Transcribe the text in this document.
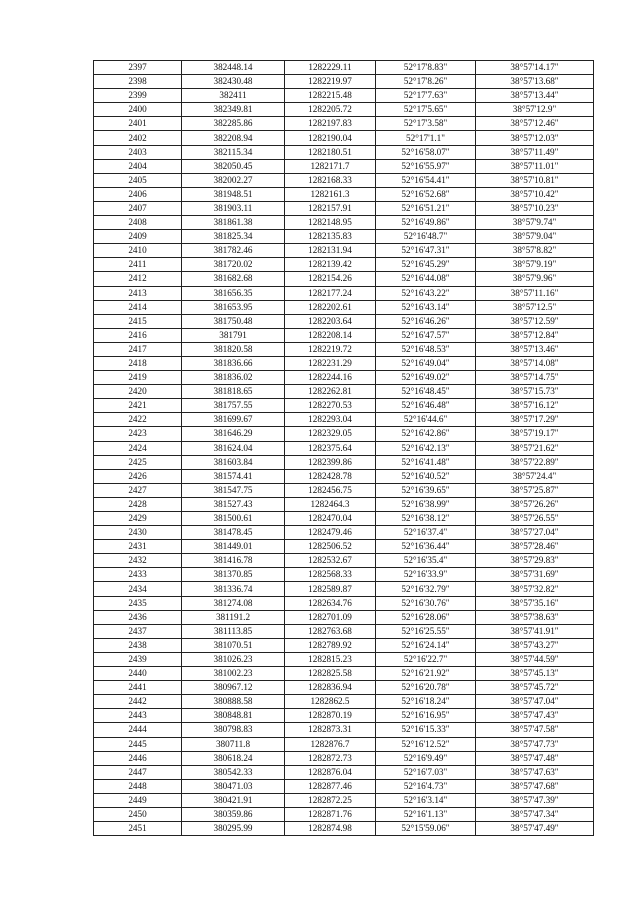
2397	382448.14	1282229.11	52°17'8.83"	38°57'14.17"
2398	382430.48	1282219.97	52°17'8.26"	38°57'13.68"
2399	382411	1282215.48	52°17'7.63"	38°57'13.44"
2400	382349.81	1282205.72	52°17'5.65"	38°57'12.9"
2401	382285.86	1282197.83	52°17'3.58"	38°57'12.46"
2402	382208.94	1282190.04	52°17'1.1"	38°57'12.03"
2403	382115.34	1282180.51	52°16'58.07"	38°57'11.49"
2404	382050.45	1282171.7	52°16'55.97"	38°57'11.01"
2405	382002.27	1282168.33	52°16'54.41"	38°57'10.81"
2406	381948.51	1282161.3	52°16'52.68"	38°57'10.42"
2407	381903.11	1282157.91	52°16'51.21"	38°57'10.23"
2408	381861.38	1282148.95	52°16'49.86"	38°57'9.74"
2409	381825.34	1282135.83	52°16'48.7"	38°57'9.04"
2410	381782.46	1282131.94	52°16'47.31"	38°57'8.82"
2411	381720.02	1282139.42	52°16'45.29"	38°57'9.19"
2412	381682.68	1282154.26	52°16'44.08"	38°57'9.96"
2413	381656.35	1282177.24	52°16'43.22"	38°57'11.16"
2414	381653.95	1282202.61	52°16'43.14"	38°57'12.5"
2415	381750.48	1282203.64	52°16'46.26"	38°57'12.59"
2416	381791	1282208.14	52°16'47.57"	38°57'12.84"
2417	381820.58	1282219.72	52°16'48.53"	38°57'13.46"
2418	381836.66	1282231.29	52°16'49.04"	38°57'14.08"
2419	381836.02	1282244.16	52°16'49.02"	38°57'14.75"
2420	381818.65	1282262.81	52°16'48.45"	38°57'15.73"
2421	381757.55	1282270.53	52°16'46.48"	38°57'16.12"
2422	381699.67	1282293.04	52°16'44.6"	38°57'17.29"
2423	381646.29	1282329.05	52°16'42.86"	38°57'19.17"
2424	381624.04	1282375.64	52°16'42.13"	38°57'21.62"
2425	381603.84	1282399.86	52°16'41.48"	38°57'22.89"
2426	381574.41	1282428.78	52°16'40.52"	38°57'24.4"
2427	381547.75	1282456.75	52°16'39.65"	38°57'25.87"
2428	381527.43	1282464.3	52°16'38.99"	38°57'26.26"
2429	381500.61	1282470.04	52°16'38.12"	38°57'26.55"
2430	381478.45	1282479.46	52°16'37.4"	38°57'27.04"
2431	381449.01	1282506.52	52°16'36.44"	38°57'28.46"
2432	381416.78	1282532.67	52°16'35.4"	38°57'29.83"
2433	381370.85	1282568.33	52°16'33.9"	38°57'31.69"
2434	381336.74	1282589.87	52°16'32.79"	38°57'32.82"
2435	381274.08	1282634.76	52°16'30.76"	38°57'35.16"
2436	381191.2	1282701.09	52°16'28.06"	38°57'38.63"
2437	381113.85	1282763.68	52°16'25.55"	38°57'41.91"
2438	381070.51	1282789.92	52°16'24.14"	38°57'43.27"
2439	381026.23	1282815.23	52°16'22.7"	38°57'44.59"
2440	381002.23	1282825.58	52°16'21.92"	38°57'45.13"
2441	380967.12	1282836.94	52°16'20.78"	38°57'45.72"
2442	380888.58	1282862.5	52°16'18.24"	38°57'47.04"
2443	380848.81	1282870.19	52°16'16.95"	38°57'47.43"
2444	380798.83	1282873.31	52°16'15.33"	38°57'47.58"
2445	380711.8	1282876.7	52°16'12.52"	38°57'47.73"
2446	380618.24	1282872.73	52°16'9.49"	38°57'47.48"
2447	380542.33	1282876.04	52°16'7.03"	38°57'47.63"
2448	380471.03	1282877.46	52°16'4.73"	38°57'47.68"
2449	380421.91	1282872.25	52°16'3.14"	38°57'47.39"
2450	380359.86	1282871.76	52°16'1.13"	38°57'47.34"
2451	380295.99	1282874.98	52°15'59.06"	38°57'47.49"
